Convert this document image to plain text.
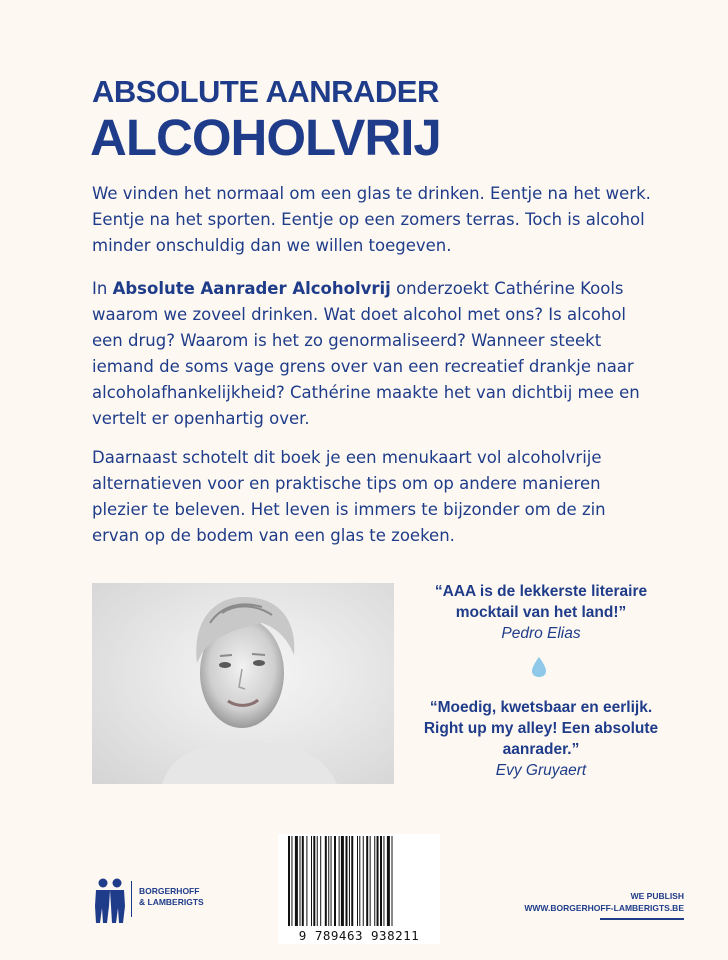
ABSOLUTE AANRADER
ALCOHOLVRIJ
We vinden het normaal om een glas te drinken. Eentje na het werk. Eentje na het sporten. Eentje op een zomers terras. Toch is alcohol minder onschuldig dan we willen toegeven.
In Absolute Aanrader Alcoholvrij onderzoekt Cathérine Kools waarom we zoveel drinken. Wat doet alcohol met ons? Is alcohol een drug? Waarom is het zo genormaliseerd? Wanneer steekt iemand de soms vage grens over van een recreatief drankje naar alcoholafhankelijkheid? Cathérine maakte het van dichtbij mee en vertelt er openhartig over.
Daarnaast schotelt dit boek je een menukaart vol alcoholvrije alternatieven voor en praktische tips om op andere manieren plezier te beleven. Het leven is immers te bijzonder om de zin ervan op de bodem van een glas te zoeken.
“AAA is de lekkerste literaire
mocktail van het land!”
Pedro Elias
“Moedig, kwetsbaar en eerlijk.
Right up my alley! Een absolute
aanrader.”
Evy Gruyaert
9 789463 938211
BORGERHOFF
& LAMBERIGTS
WE PUBLISH
WWW.BORGERHOFF-LAMBERIGTS.BE
